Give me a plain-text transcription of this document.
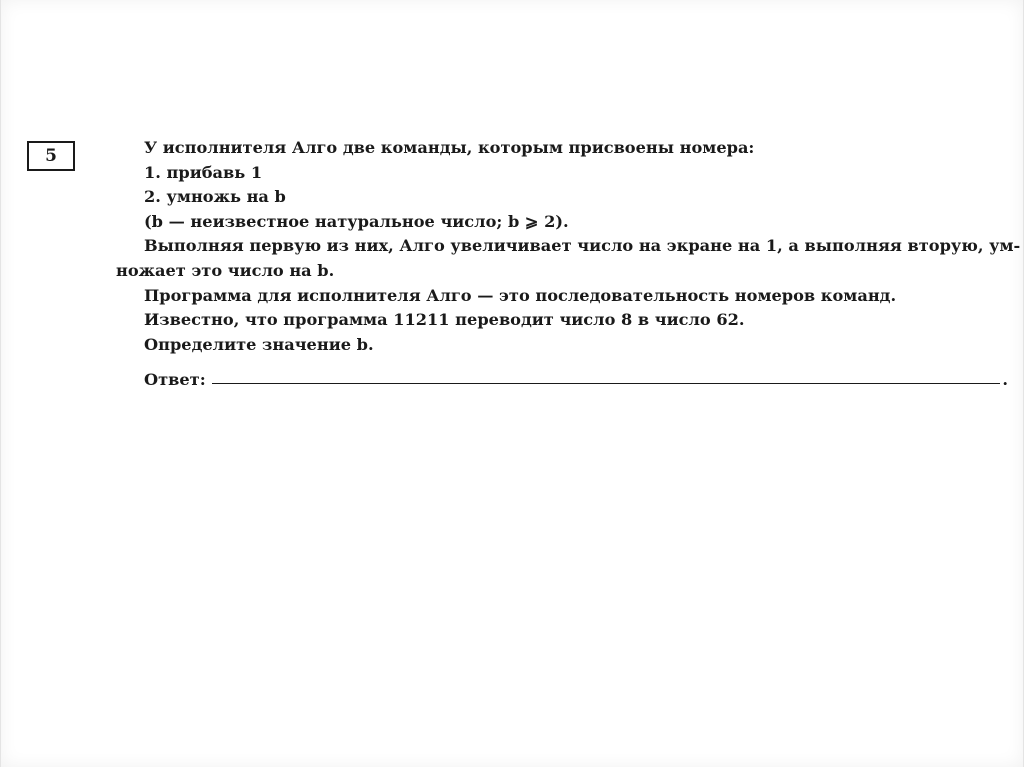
5	У исполнителя Алго две команды, которым присвоены номера:
1. прибавь 1
2. умножь на b
(b — неизвестное натуральное число; b ⩾ 2).
Выполняя первую из них, Алго увеличивает число на экране на 1, а выполняя вторую, ум-
ножает это число на b.
Программа для исполнителя Алго — это последовательность номеров команд.
Известно, что программа 11211 переводит число 8 в число 62.
Определите значение b.
Ответ:	.
